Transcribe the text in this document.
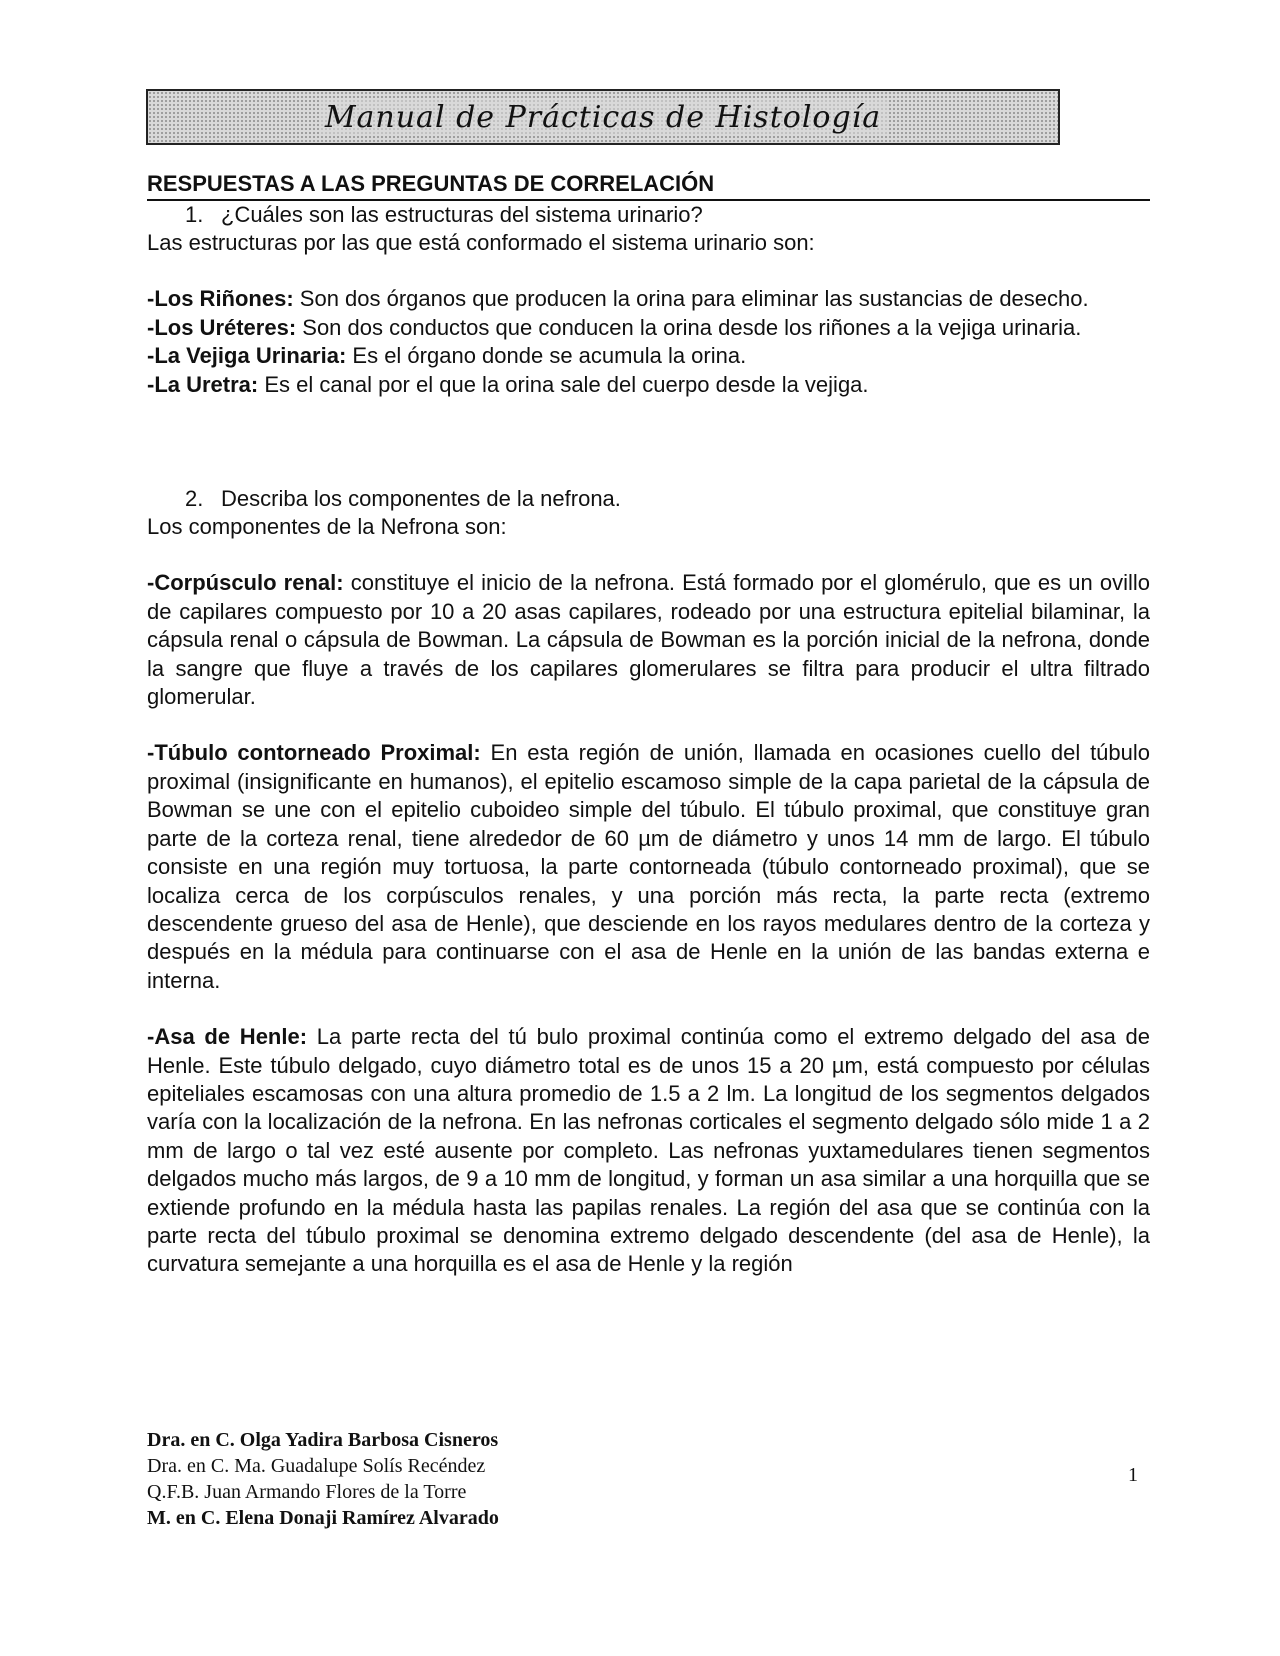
Manual de Prácticas de Histología
RESPUESTAS A LAS PREGUNTAS DE CORRELACIÓN

1. ¿Cuáles son las estructuras del sistema urinario?

Las estructuras por las que está conformado el sistema urinario son:

-Los Riñones: Son dos órganos que producen la orina para eliminar las sustancias de desecho.

-Los Uréteres: Son dos conductos que conducen la orina desde los riñones a la vejiga urinaria.

-La Vejiga Urinaria: Es el órgano donde se acumula la orina.

-La Uretra: Es el canal por el que la orina sale del cuerpo desde la vejiga.

2. Describa los componentes de la nefrona.

Los componentes de la Nefrona son:

-Corpúsculo renal: constituye el inicio de la nefrona. Está formado por el glomérulo, que es un ovillo de capilares compuesto por 10 a 20 asas capilares, rodeado por una estructura epitelial bilaminar, la cápsula renal o cápsula de Bowman. La cápsula de Bowman es la porción inicial de la nefrona, donde la sangre que fluye a través de los capilares glomerulares se filtra para producir el ultra filtrado glomerular.

-Túbulo contorneado Proximal: En esta región de unión, llamada en ocasiones cuello del túbulo proximal (insignificante en humanos), el epitelio escamoso simple de la capa parietal de la cápsula de Bowman se une con el epitelio cuboideo simple del túbulo. El túbulo proximal, que constituye gran parte de la corteza renal, tiene alrededor de 60 µm de diámetro y unos 14 mm de largo. El túbulo consiste en una región muy tortuosa, la parte contorneada (túbulo contorneado proximal), que se localiza cerca de los corpúsculos renales, y una porción más recta, la parte recta (extremo descendente grueso del asa de Henle), que desciende en los rayos medulares dentro de la corteza y después en la médula para continuarse con el asa de Henle en la unión de las bandas externa e interna.

-Asa de Henle: La parte recta del tú bulo proximal continúa como el extremo delgado del asa de Henle. Este túbulo delgado, cuyo diámetro total es de unos 15 a 20 µm, está compuesto por células epiteliales escamosas con una altura promedio de 1.5 a 2 lm. La longitud de los segmentos delgados varía con la localización de la nefrona. En las nefronas corticales el segmento delgado sólo mide 1 a 2 mm de largo o tal vez esté ausente por completo. Las nefronas yuxtamedulares tienen segmentos delgados mucho más largos, de 9 a 10 mm de longitud, y forman un asa similar a una horquilla que se extiende profundo en la médula hasta las papilas renales. La región del asa que se continúa con la parte recta del túbulo proximal se denomina extremo delgado descendente (del asa de Henle), la curvatura semejante a una horquilla es el asa de Henle y la región

Dra. en C. Olga Yadira Barbosa Cisneros
Dra. en C. Ma. Guadalupe Solís Recéndez
Q.F.B. Juan Armando Flores de la Torre
M. en C. Elena Donaji Ramírez Alvarado
1
